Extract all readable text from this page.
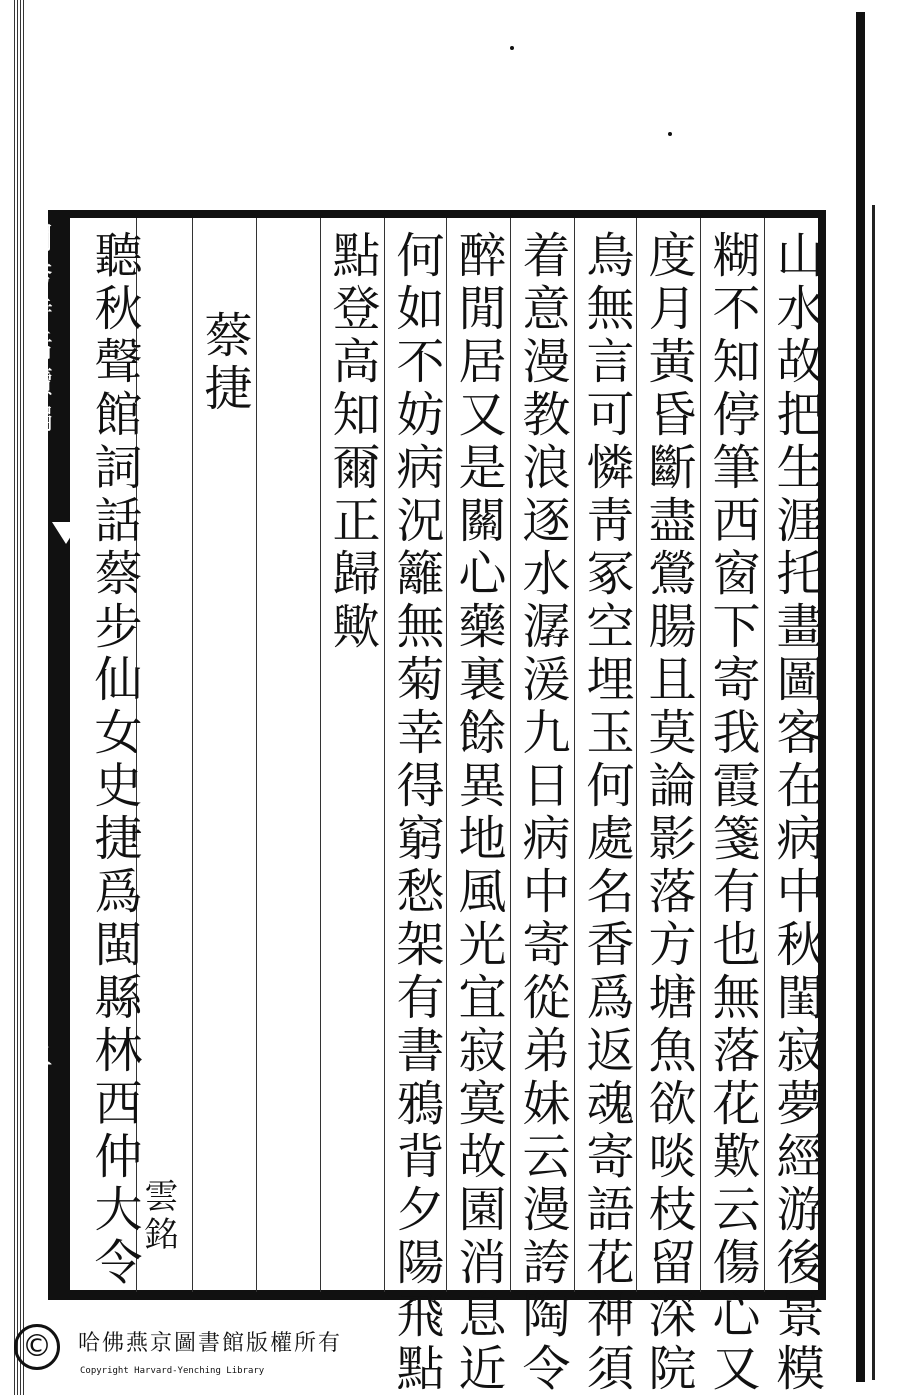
閨秀詩話續編
二	山水故把生涯托畫圖客在病中秋閨寂夢經游後景糢
糊不知停筆西窗下寄我霞箋有也無落花歎云傷心又
度月黃昏斷盡鶯腸且莫論影落方塘魚欲啖枝留深院
鳥無言可憐靑冢空埋玉何處名香爲返魂寄語花神須
着意漫教浪逐水潺湲九日病中寄從弟妹云漫誇陶令
醉閒居又是關心藥裏餘異地風光宜寂寞故園消息近
何如不妨病況籬無菊幸得窮愁架有書鴉背夕陽飛點
點登高知爾正歸歟
蔡捷
聽秋聲館詞話蔡步仙女史捷爲閩縣林西仲大令
雲銘
©	哈佛燕京圖書館版權所有
Copyright Harvard-Yenching Library
